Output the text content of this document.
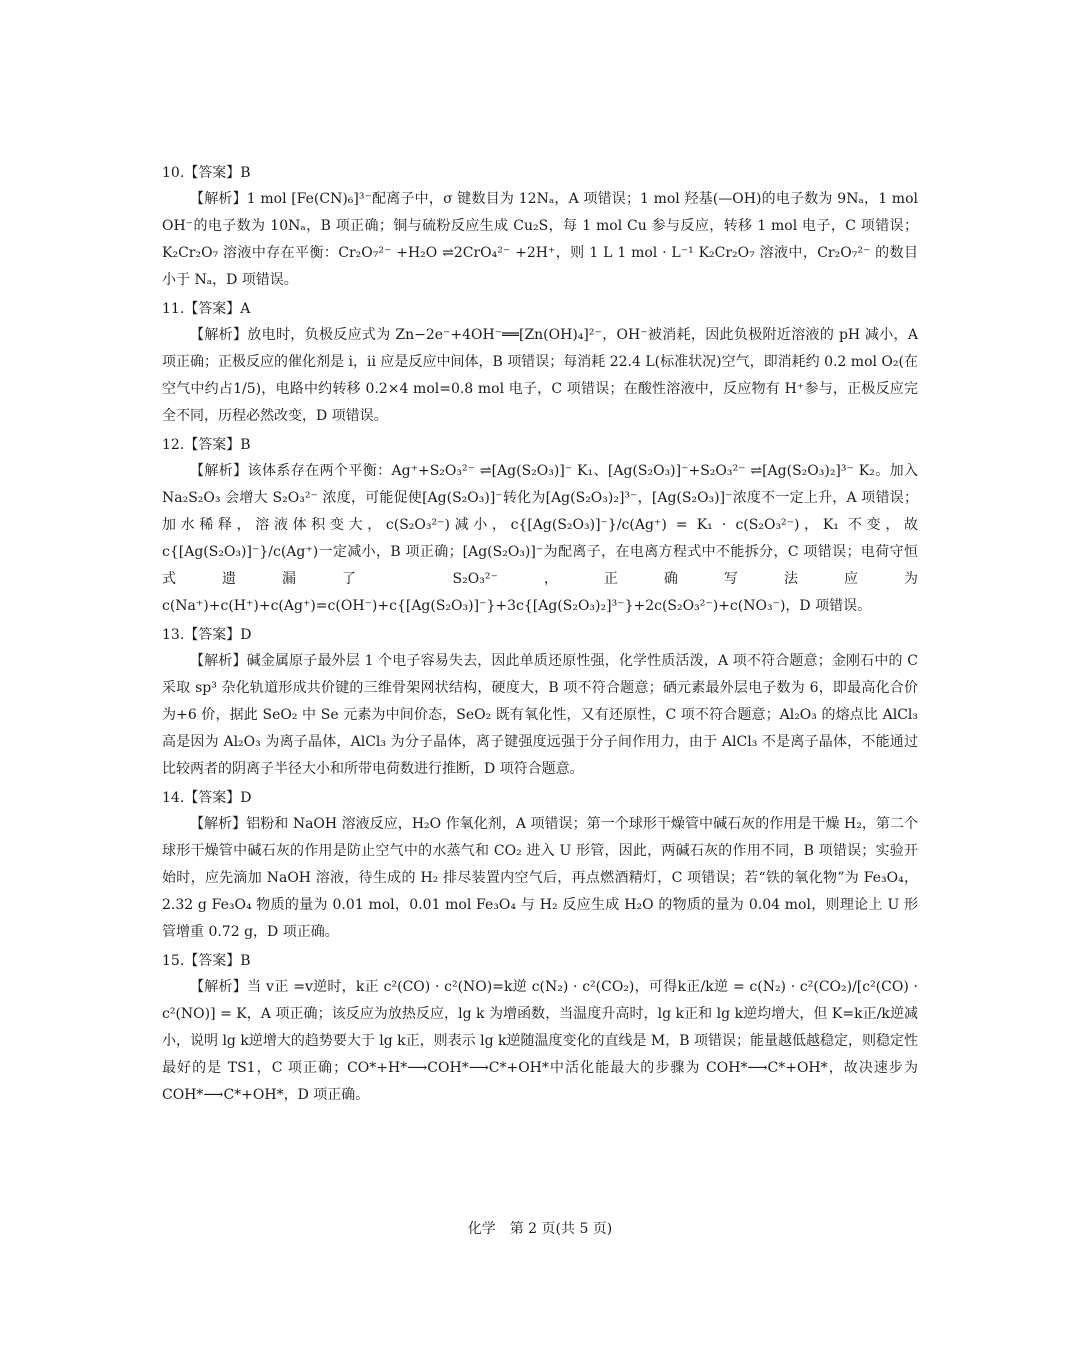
10.【答案】B

【解析】1 mol [Fe(CN)₆]³⁻配离子中，σ 键数目为 12Nₐ，A 项错误；1 mol 羟基(—OH)的电子数为 9Nₐ，1 mol OH⁻的电子数为 10Nₐ，B 项正确；铜与硫粉反应生成 Cu₂S，每 1 mol Cu 参与反应，转移 1 mol 电子，C 项错误；K₂Cr₂O₇ 溶液中存在平衡：Cr₂O₇²⁻ +H₂O ⇌2CrO₄²⁻ +2H⁺，则 1 L 1 mol · L⁻¹ K₂Cr₂O₇ 溶液中，Cr₂O₇²⁻ 的数目小于 Nₐ，D 项错误。

11.【答案】A

【解析】放电时，负极反应式为 Zn−2e⁻+4OH⁻══[Zn(OH)₄]²⁻，OH⁻被消耗，因此负极附近溶液的 pH 减小，A 项正确；正极反应的催化剂是 i，ii 应是反应中间体，B 项错误；每消耗 22.4 L(标准状况)空气，即消耗约 0.2 mol O₂(在空气中约占1/5)，电路中约转移 0.2×4 mol=0.8 mol 电子，C 项错误；在酸性溶液中，反应物有 H⁺参与，正极反应完全不同，历程必然改变，D 项错误。

12.【答案】B

【解析】该体系存在两个平衡：Ag⁺+S₂O₃²⁻ ⇌[Ag(S₂O₃)]⁻ K₁、[Ag(S₂O₃)]⁻+S₂O₃²⁻ ⇌[Ag(S₂O₃)₂]³⁻ K₂。加入 Na₂S₂O₃ 会增大 S₂O₃²⁻ 浓度，可能促使[Ag(S₂O₃)]⁻转化为[Ag(S₂O₃)₂]³⁻，[Ag(S₂O₃)]⁻浓度不一定上升，A 项错误；加水稀释，溶液体积变大，c(S₂O₃²⁻)减小，c{[Ag(S₂O₃)]⁻}/c(Ag⁺) = K₁ · c(S₂O₃²⁻)，K₁ 不变，故 c{[Ag(S₂O₃)]⁻}/c(Ag⁺)一定减小，B 项正确；[Ag(S₂O₃)]⁻为配离子，在电离方程式中不能拆分，C 项错误；电荷守恒式遗漏了 S₂O₃²⁻，正确写法应为 c(Na⁺)+c(H⁺)+c(Ag⁺)=c(OH⁻)+c{[Ag(S₂O₃)]⁻}+3c{[Ag(S₂O₃)₂]³⁻}+2c(S₂O₃²⁻)+c(NO₃⁻)，D 项错误。

13.【答案】D

【解析】碱金属原子最外层 1 个电子容易失去，因此单质还原性强，化学性质活泼，A 项不符合题意；金刚石中的 C 采取 sp³ 杂化轨道形成共价键的三维骨架网状结构，硬度大，B 项不符合题意；硒元素最外层电子数为 6，即最高化合价为+6 价，据此 SeO₂ 中 Se 元素为中间价态，SeO₂ 既有氧化性，又有还原性，C 项不符合题意；Al₂O₃ 的熔点比 AlCl₃ 高是因为 Al₂O₃ 为离子晶体，AlCl₃ 为分子晶体，离子键强度远强于分子间作用力，由于 AlCl₃ 不是离子晶体，不能通过比较两者的阴离子半径大小和所带电荷数进行推断，D 项符合题意。

14.【答案】D

【解析】铝粉和 NaOH 溶液反应，H₂O 作氧化剂，A 项错误；第一个球形干燥管中碱石灰的作用是干燥 H₂，第二个球形干燥管中碱石灰的作用是防止空气中的水蒸气和 CO₂ 进入 U 形管，因此，两碱石灰的作用不同，B 项错误；实验开始时，应先滴加 NaOH 溶液，待生成的 H₂ 排尽装置内空气后，再点燃酒精灯，C 项错误；若“铁的氧化物”为 Fe₃O₄，2.32 g Fe₃O₄ 物质的量为 0.01 mol，0.01 mol Fe₃O₄ 与 H₂ 反应生成 H₂O 的物质的量为 0.04 mol，则理论上 U 形管增重 0.72 g，D 项正确。

15.【答案】B

【解析】当 v正 =v逆时，k正 c²(CO) · c²(NO)=k逆 c(N₂) · c²(CO₂)，可得k正/k逆 = c(N₂) · c²(CO₂)/[c²(CO) · c²(NO)] = K，A 项正确；该反应为放热反应，lg k 为增函数，当温度升高时，lg k正和 lg k逆均增大，但 K=k正/k逆减小，说明 lg k逆增大的趋势要大于 lg k正，则表示 lg k逆随温度变化的直线是 M，B 项错误；能量越低越稳定，则稳定性最好的是 TS1，C 项正确；CO*+H*⟶COH*⟶C*+OH*中活化能最大的步骤为 COH*⟶C*+OH*，故决速步为 COH*⟶C*+OH*，D 项正确。

化学　第 2 页(共 5 页)
